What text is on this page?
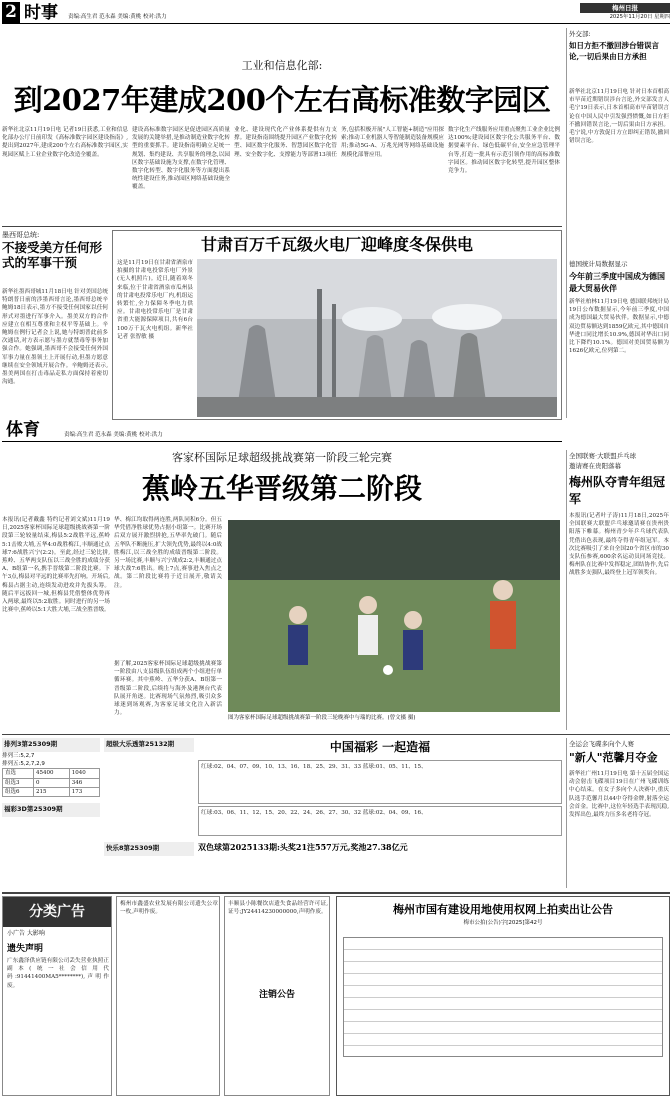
2 时事 责编:高生君 范永森 美编:黄桃 校对:洪力
梅州日报
2025年11月20日 星期四
工业和信息化部:
到2027年建成200个左右高标准数字园区
新华社北京11月19日电 记者19日获悉,工业和信息化部办公厅日前印发《高标准数字园区建设指南》,提出到2027年,建成200个左右高标准数字园区,实现园区赋上工业企业数字化改造全覆盖。
建设高标准数字园区是促进园区高质量发展的关键举措,是推动制造业数字化转型的重要抓手。建设指南明确立足统一规划、集约建设、共享服务的理念,以园区数字基础设施为支撑,在数字化管理、数字化转型、数字化服务等方面提出系统性建设任务,推动园区网络基础设施全覆盖。
业化、建设现代化产业体系提供有力支撑。建设指南围绕提升园区产业数字化转型、园区数字化服务、智慧园区数字化管理、安全数字化、支撑能力等部署13项任务,包括积极开展"人工智能+制造"应用探索;推动工业机器人等智能制造装备规模应用;推动5G-A、万兆光网等网络基础设施规模化部署应用。
数字化生产线服务应用重点聚焦工业企业比例达100%;建设园区数字化公共服务平台、数据要素平台、绿色低碳平台,安全应急管理平台等,打造一批具有示范引领作用的高标准数字园区。推动园区数字化转型,提升园区整体竞争力。
墨西哥总统:
不接受美方任何形式的军事干预
新华社墨西哥城11月18日电 针对美国总统特朗普日前的涉墨西哥言论,墨西哥总统辛鲍姆18日表示,墨方不接受任何国家以任何形式对墨进行军事介入。墨美双方的合作应建立在相互尊重和主权平等基础上。辛鲍姆在例行记者会上说,她与特朗普此前多次通话,对方表示愿与墨方就禁毒等事务加强合作。她强调,墨西哥不会接受任何外国军事力量在墨领土上开展行动,但墨方愿意继续在安全领域开展合作。辛鲍姆还表示,墨美两国在打击毒品走私方面保持着密切沟通。
甘肃百万千瓦级火电厂迎峰度冬保供电
这是11月19日在甘肃省酒泉市拍摄的甘肃电投常乐电厂外景(无人机照片)。近日,随着寒冬来临,位于甘肃省酒泉市瓜州县的甘肃电投常乐电厂内,机组运转繁忙,全力保障冬季电力供应。甘肃电投常乐电厂是甘肃省重大能源保障项目,共有6台100万千瓦火电机组。新华社记者 张智敏 摄
外交部:
如日方拒不撤回涉台错误言论,一切后果由日方承担
新华社北京11月19日电 针对日本首相高市早苗近期错误涉台言论,外交部发言人毛宁19日表示,日本首相高市早苗错误言论在中国人民中引发强烈愤慨,如日方拒不撤回错误言论,一切后果由日方承担。毛宁说,中方敦促日方立即纠正错误,撤回错误言论。
德国统计局数据显示
今年前三季度中国成为德国最大贸易伙伴
新华社柏林11月19日电 德国联邦统计局19日公布数据显示,今年前三季度,中国成为德国最大贸易伙伴。数据显示,中德双边贸易额达到1859亿欧元,其中德国自华进口同比增长10.9%,德国对华出口同比下降约10.1%。德国对美国贸易额为1626亿欧元,位列第二。
体育	责编:高生君 范永森 美编:黄桃 校对:洪力
客家杯国际足球超级挑战赛第一阶段三轮完赛
蕉岭五华晋级第二阶段
本报讯(记者戴鑫 特约记者刘文斌)11月19日,2025客家杯国际足球超级挑战赛第一阶段第三轮较量结束,梅县5:2战胜平远,蕉岭5:1击败大埔,五华4:0战胜梅江,丰顺通过点球7:6战胜兴宁(2:2)。至此,经过三轮比拼,蕉岭、五华两支队伍以三战全胜的成绩分获A、B组第一名,携手晋级第二阶段比赛。下午3点,梅县对平远的比赛率先打响。开场后,梅县占据主动,连续发动进攻并先拔头筹。随后平远扳回一城,但梅县凭借整体优势再入两球,最终以5:2取胜。同时进行的另一场比赛中,蕉岭以5:1大胜大埔,三战全胜晋级。
华、梅江均取得两连胜,两队同积6分。但五华凭借净胜球优势占据小组第一。比赛开场后双方展开激烈拼抢,五华率先破门。随后五华队不断施压,扩大领先优势,最终以4:0战胜梅江,以三战全胜的成绩晋级第二阶段。另一场比赛,丰顺与兴宁战成2:2,丰顺通过点球大战7:6胜出。晚上7点,赛事进入焦点之战。第二阶段比赛将于近日展开,敬请关注。
据了解,2025客家杯国际足球超级挑战赛第一阶段由八支县级队伍组成两个小组进行单循环赛。其中蕉岭、五华分获A、B组第一晋级第二阶段,后续将与海外及港澳台代表队展开角逐。比赛现场气氛热烈,吸引众多球迷到场观赛,为客家足球文化注入新活力。
图为客家杯国际足球超级挑战赛第一阶段三轮晚赛中与瑞的比赛。(曾文摄 摄)
全国联赛·大联盟乒乓球
邀请赛在贵阳落幕
梅州队夺青年组冠军
本报讯(记者叶子涛)11月18日,2025年全国联赛大联盟乒乓球邀请赛在贵州贵阳落下帷幕。梅州青少年乒乓球代表队凭借出色表现,最终夺得青年组冠军。本次比赛吸引了来自全国20个省区市的30支队伍参赛,600余名运动员同场竞技。梅州队在比赛中发挥稳定,团结协作,先后战胜多支强队,最终登上冠军领奖台。
排列3第25309期
排列三:5,2,7
排列五:5,2,7,2,9
直选	45400	1040
组选3	0	346
组选6	215	173
福彩3D第25309期
超级大乐透第25132期
快乐8第25309期
中国福彩 一起造福
红球:02、04、07、09、10、13、16、18、25、29、31、33 蓝球:01、05、11、15、
红球:03、06、11、12、15、20、22、24、26、27、30、32 蓝球:02、04、09、16、
双色球第2025133期:头奖21注557万元,奖池27.38亿元
全运会飞碟多向个人赛
"新人"范馨月夺金
新华社广州11月19日电 第十五届全国运动会射击飞碟项目19日在广州飞碟训练中心结束。在女子多向个人决赛中,重庆队选手范馨月以44中夺得金牌,射落全运会首金。比赛中,这位年轻选手表现沉稳,发挥出色,最终力压多名老将夺冠。
分类广告
小广告 大影响
遗失声明
广东鑫泽供应链有限公司丢失营业执照正副本(统一社会信用代码:91441400MA5********),声明作废。
梅州市鑫盛农业发展有限公司遗失公章一枚,声明作废。
丰顺县小陈餐饮店遗失食品经营许可证,证号:JY24414230000000,声明作废。
注销公告
梅州市国有建设用地使用权网上拍卖出让公告
梅市公拍(公告)字[2025]第42号
